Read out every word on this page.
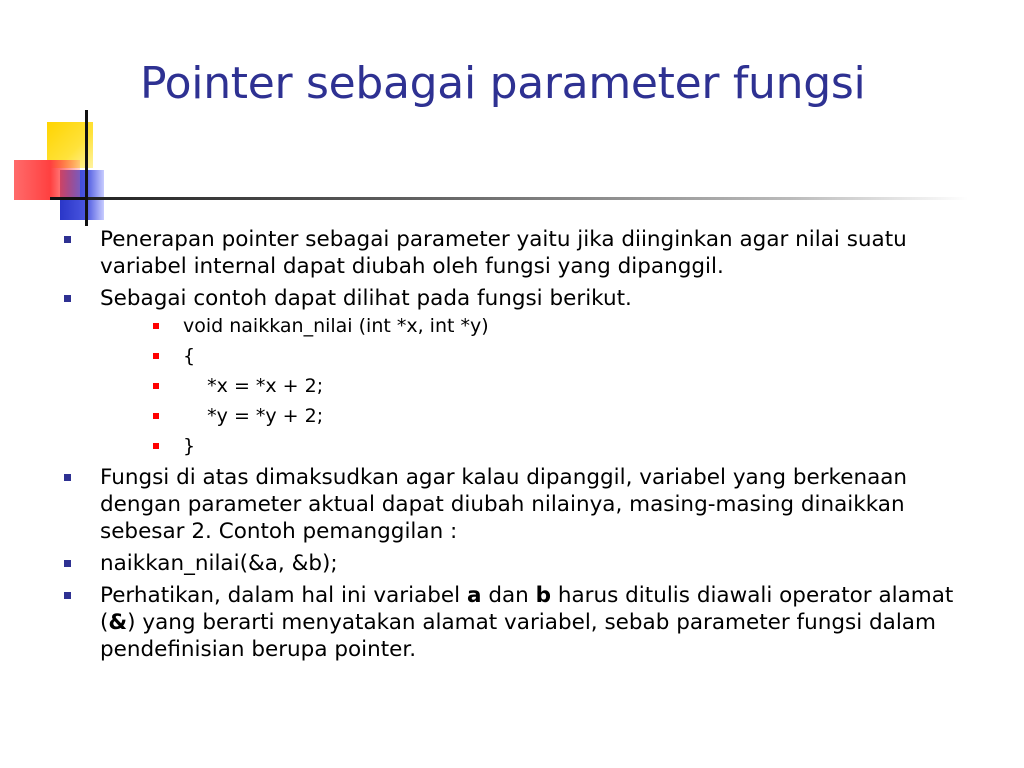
Pointer sebagai parameter fungsi
Penerapan pointer sebagai parameter yaitu jika diinginkan agar nilai suatu variabel internal dapat diubah oleh fungsi yang dipanggil.
Sebagai contoh dapat dilihat pada fungsi berikut.
void naikkan_nilai (int *x, int *y)
{
*x = *x + 2;
*y = *y + 2;
}
Fungsi di atas dimaksudkan agar kalau dipanggil, variabel yang berkenaan dengan parameter aktual dapat diubah nilainya, masing-masing dinaikkan sebesar 2. Contoh pemanggilan :
naikkan_nilai(&a, &b);
Perhatikan, dalam hal ini variabel a dan b harus ditulis diawali operator alamat (&) yang berarti menyatakan alamat variabel, sebab parameter fungsi dalam pendefinisian berupa pointer.
